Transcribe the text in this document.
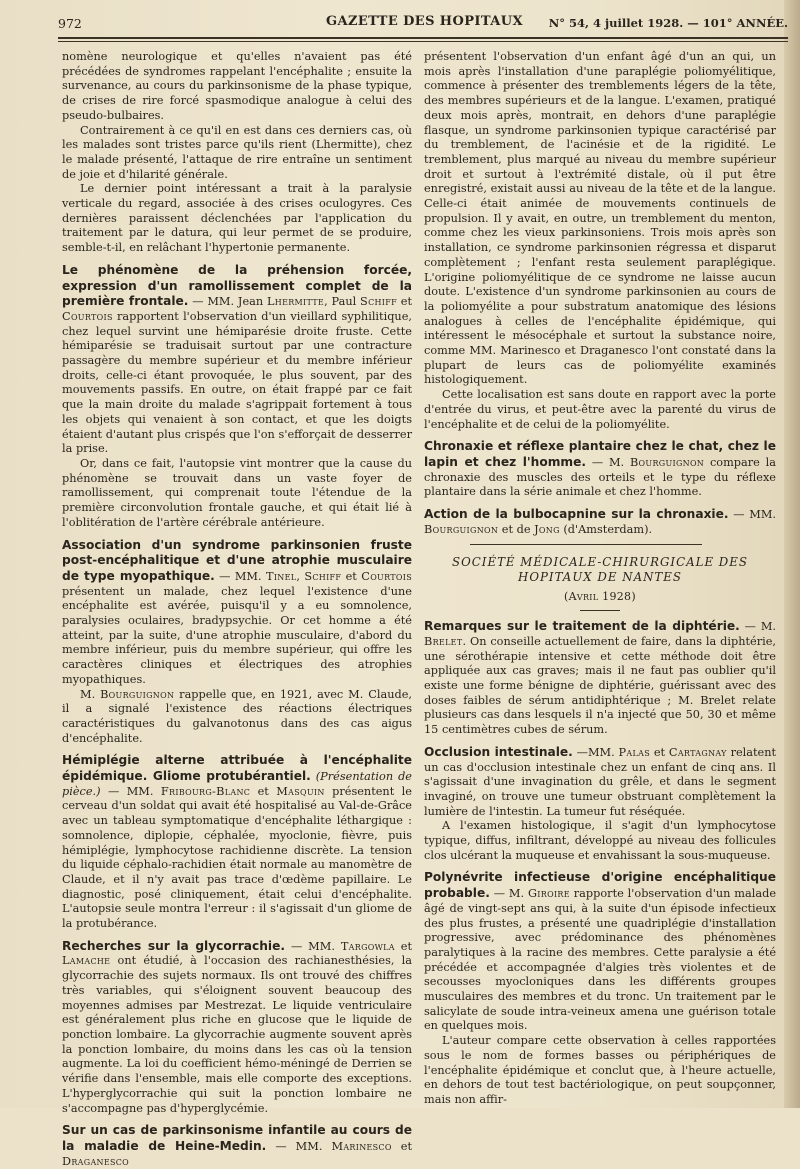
972	GAZETTE DES HOPITAUX N° 54, 4 juillet 1928. — 101° ANNÉE.

nomène neurologique et qu'elles n'avaient pas été précédées de syndromes rappelant l'encéphalite ; ensuite la survenance, au cours du parkinsonisme de la phase typique, de crises de rire forcé spasmodique analogue à celui des pseudo-bulbaires.

Contrairement à ce qu'il en est dans ces derniers cas, où les malades sont tristes parce qu'ils rient (Lhermitte), chez le malade présenté, l'attaque de rire entraîne un sentiment de joie et d'hilarité générale.

Le dernier point intéressant a trait à la paralysie verticale du regard, associée à des crises oculogyres. Ces dernières paraissent déclenchées par l'application du traitement par le datura, qui leur permet de se produire, semble-t-il, en relâchant l'hypertonie permanente.

Le phénomène de la préhension forcée, expression d'un ramollissement complet de la première frontale. — MM. Jean Lhermitte, Paul Schiff et Courtois rapportent l'observation d'un vieillard syphilitique, chez lequel survint une hémiparésie droite fruste. Cette hémiparésie se traduisait surtout par une contracture passagère du membre supérieur et du membre inférieur droits, celle-ci étant provoquée, le plus souvent, par des mouvements passifs. En outre, on était frappé par ce fait que la main droite du malade s'agrippait fortement à tous les objets qui venaient à son contact, et que les doigts étaient d'autant plus crispés que l'on s'efforçait de desserrer la prise.

Or, dans ce fait, l'autopsie vint montrer que la cause du phénomène se trouvait dans un vaste foyer de ramollissement, qui comprenait toute l'étendue de la première circonvolution frontale gauche, et qui était lié à l'oblitération de l'artère cérébrale antérieure.

Association d'un syndrome parkinsonien fruste post-encéphalitique et d'une atrophie musculaire de type myopathique. — MM. Tinel, Schiff et Courtois présentent un malade, chez lequel l'existence d'une encéphalite est avérée, puisqu'il y a eu somnolence, paralysies oculaires, bradypsychie. Or cet homme a été atteint, par la suite, d'une atrophie musculaire, d'abord du membre inférieur, puis du membre supérieur, qui offre les caractères cliniques et électriques des atrophies myopathiques.

M. Bourguignon rappelle que, en 1921, avec M. Claude, il a signalé l'existence des réactions électriques caractéristiques du galvanotonus dans des cas aigus d'encéphalite.

Hémiplégie alterne attribuée à l'encéphalite épidémique. Gliome protubérantiel. (Présentation de pièce.) — MM. Fribourg-Blanc et Masquin présentent le cerveau d'un soldat qui avait été hospitalisé au Val-de-Grâce avec un tableau symptomatique d'encéphalite léthargique : somnolence, diplopie, céphalée, myoclonie, fièvre, puis hémiplégie, lymphocytose rachidienne discrète. La tension du liquide céphalo-rachidien était normale au manomètre de Claude, et il n'y avait pas trace d'œdème papillaire. Le diagnostic, posé cliniquement, était celui d'encéphalite. L'autopsie seule montra l'erreur : il s'agissait d'un gliome de la protubérance.

Recherches sur la glycorrachie. — MM. Targowla et Lamache ont étudié, à l'occasion des rachianesthésies, la glycorrachie des sujets normaux. Ils ont trouvé des chiffres très variables, qui s'éloignent souvent beaucoup des moyennes admises par Mestrezat. Le liquide ventriculaire est généralement plus riche en glucose que le liquide de ponction lombaire. La glycorrachie augmente souvent après la ponction lombaire, du moins dans les cas où la tension augmente. La loi du coefficient hémo-méningé de Derrien se vérifie dans l'ensemble, mais elle comporte des exceptions. L'hyperglycorrachie qui suit la ponction lombaire ne s'accompagne pas d'hyperglycémie.

Sur un cas de parkinsonisme infantile au cours de la maladie de Heine-Medin. — MM. Marinesco et Draganesco

présentent l'observation d'un enfant âgé d'un an qui, un mois après l'installation d'une paraplégie poliomyélitique, commence à présenter des tremblements légers de la tête, des membres supérieurs et de la langue. L'examen, pratiqué deux mois après, montrait, en dehors d'une paraplégie flasque, un syndrome parkinsonien typique caractérisé par du tremblement, de l'acinésie et de la rigidité. Le tremblement, plus marqué au niveau du membre supérieur droit et surtout à l'extrémité distale, où il put être enregistré, existait aussi au niveau de la tête et de la langue. Celle-ci était animée de mouvements continuels de propulsion. Il y avait, en outre, un tremblement du menton, comme chez les vieux parkinsoniens. Trois mois après son installation, ce syndrome parkinsonien régressa et disparut complètement ; l'enfant resta seulement paraplégique. L'origine poliomyélitique de ce syndrome ne laisse aucun doute. L'existence d'un syndrome parkinsonien au cours de la poliomyélite a pour substratum anatomique des lésions analogues à celles de l'encéphalite épidémique, qui intéressent le mésocéphale et surtout la substance noire, comme MM. Marinesco et Draganesco l'ont constaté dans la plupart de leurs cas de poliomyélite examinés histologiquement.

Cette localisation est sans doute en rapport avec la porte d'entrée du virus, et peut-être avec la parenté du virus de l'encéphalite et de celui de la poliomyélite.

Chronaxie et réflexe plantaire chez le chat, chez le lapin et chez l'homme. — M. Bourguignon compare la chronaxie des muscles des orteils et le type du réflexe plantaire dans la série animale et chez l'homme.

Action de la bulbocapnine sur la chronaxie. — MM. Bourguignon et de Jong (d'Amsterdam).

SOCIÉTÉ MÉDICALE-CHIRURGICALE DES HOPITAUX DE NANTES
(Avril 1928)

Remarques sur le traitement de la diphtérie. — M. Brelet. On conseille actuellement de faire, dans la diphtérie, une sérothérapie intensive et cette méthode doit être appliquée aux cas graves; mais il ne faut pas oublier qu'il existe une forme bénigne de diphtérie, guérissant avec des doses faibles de sérum antidiphtérique ; M. Brelet relate plusieurs cas dans lesquels il n'a injecté que 50, 30 et même 15 centimètres cubes de sérum.

Occlusion intestinale. —MM. Palas et Cartagnay relatent un cas d'occlusion intestinale chez un enfant de cinq ans. Il s'agissait d'une invagination du grêle, et dans le segment invaginé, on trouve une tumeur obstruant complètement la lumière de l'intestin. La tumeur fut réséquée.

A l'examen histologique, il s'agit d'un lymphocytose typique, diffus, infiltrant, développé au niveau des follicules clos ulcérant la muqueuse et envahissant la sous-muqueuse.

Polynévrite infectieuse d'origine encéphalitique probable. — M. Giroire rapporte l'observation d'un malade âgé de vingt-sept ans qui, à la suite d'un épisode infectieux des plus frustes, a présenté une quadriplégie d'installation progressive, avec prédominance des phénomènes paralytiques à la racine des membres. Cette paralysie a été précédée et accompagnée d'algies très violentes et de secousses myocloniques dans les différents groupes musculaires des membres et du tronc. Un traitement par le salicylate de soude intra-veineux amena une guérison totale en quelques mois.

L'auteur compare cette observation à celles rapportées sous le nom de formes basses ou périphériques de l'encéphalite épidémique et conclut que, à l'heure actuelle, en dehors de tout test bactériologique, on peut soupçonner, mais non affir-
